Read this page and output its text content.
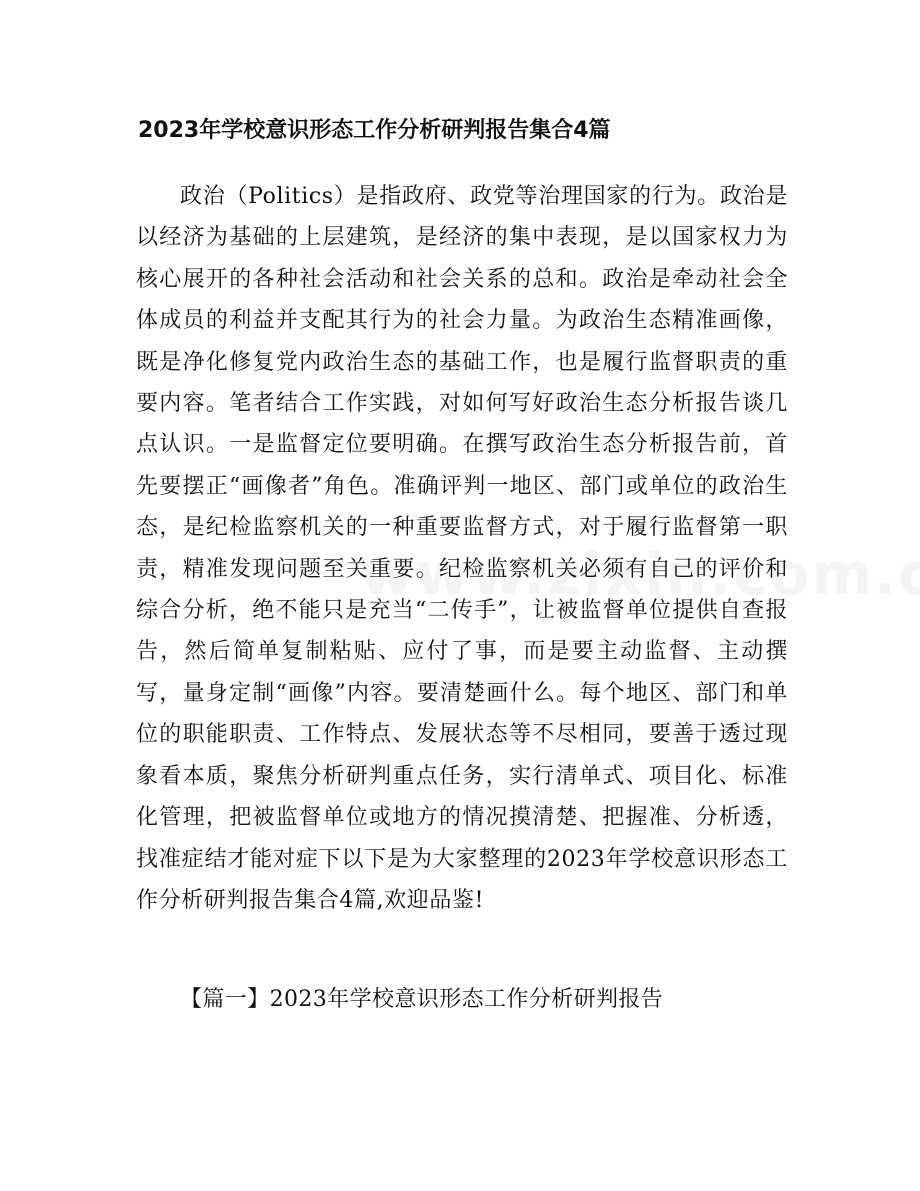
2023年学校意识形态工作分析研判报告集合4篇

政治（Politics）是指政府、政党等治理国家的行为。政治是以经济为基础的上层建筑，是经济的集中表现，是以国家权力为核心展开的各种社会活动和社会关系的总和。政治是牵动社会全体成员的利益并支配其行为的社会力量。为政治生态精准画像，既是净化修复党内政治生态的基础工作，也是履行监督职责的重要内容。笔者结合工作实践，对如何写好政治生态分析报告谈几点认识。一是监督定位要明确。在撰写政治生态分析报告前，首先要摆正“画像者”角色。准确评判一地区、部门或单位的政治生态，是纪检监察机关的一种重要监督方式，对于履行监督第一职责，精准发现问题至关重要。纪检监察机关必须有自己的评价和综合分析，绝不能只是充当“二传手”，让被监督单位提供自查报告，然后简单复制粘贴、应付了事，而是要主动监督、主动撰写，量身定制“画像”内容。要清楚画什么。每个地区、部门和单位的职能职责、工作特点、发展状态等不尽相同，要善于透过现象看本质，聚焦分析研判重点任务，实行清单式、项目化、标准化管理，把被监督单位或地方的情况摸清楚、把握准、分析透，找准症结才能对症下以下是为大家整理的2023年学校意识形态工作分析研判报告集合4篇,欢迎品鉴!

【篇一】2023年学校意识形态工作分析研判报告
